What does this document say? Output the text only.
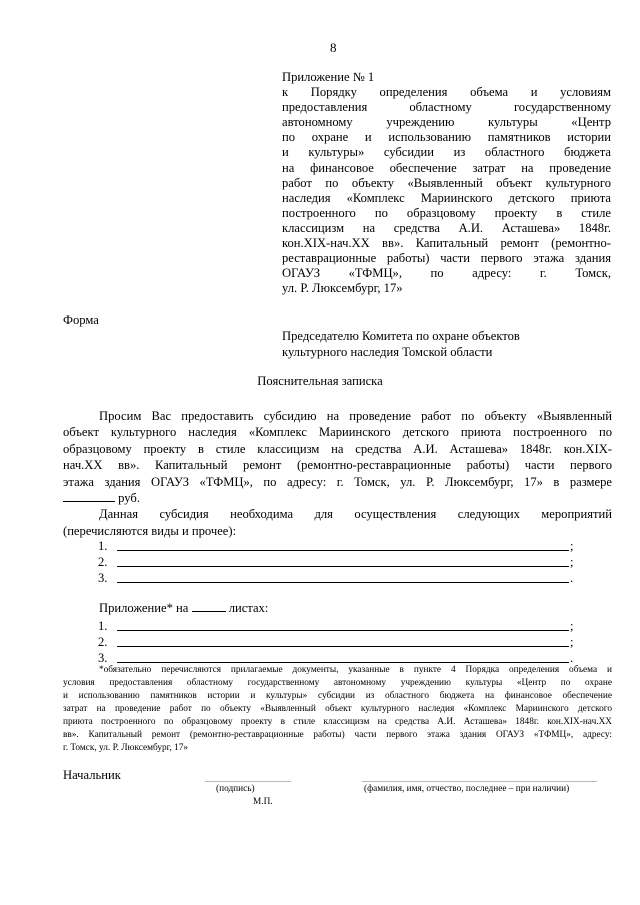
8
Приложение № 1
к Порядку определения объема и условиям
предоставления областному государственному
автономному учреждению культуры «Центр
по охране и использованию памятников истории
и культуры» субсидии из областного бюджета
на финансовое обеспечение затрат на проведение
работ по объекту «Выявленный объект культурного
наследия «Комплекс Мариинского детского приюта
построенного по образцовому проекту в стиле
классицизм на средства А.И. Асташева» 1848г.
кон.XIX-нач.XX вв». Капитальный ремонт (ремонтно-
реставрационные работы) части первого этажа здания
ОГАУЗ «ТФМЦ», по адресу: г. Томск,
ул. Р. Люксембург, 17»
Форма
Председателю Комитета по охране объектов
культурного наследия Томской области
Пояснительная записка
Просим Вас предоставить субсидию на проведение работ по объекту «Выявленный
объект культурного наследия «Комплекс Мариинского детского приюта построенного по
образцовому проекту в стиле классицизм на средства А.И. Асташева» 1848г. кон.XIX-
нач.XX вв». Капитальный ремонт (ремонтно-реставрационные работы) части первого
этажа здания ОГАУЗ «ТФМЦ», по адресу: г. Томск, ул. Р. Люксембург, 17» в размере
руб.
Данная субсидия необходима для осуществления следующих мероприятий
(перечисляются виды и прочее):
1.	;
2.	;
3.	.
Приложение* на	листах:
1.	;
2.	;
3.	.
*обязательно перечисляются прилагаемые документы, указанные в пункте 4 Порядка определения объема и
условия предоставления областному государственному автономному учреждению культуры «Центр по охране
и использованию памятников истории и культуры» субсидии из областного бюджета на финансовое обеспечение
затрат на проведение работ по объекту «Выявленный объект культурного наследия «Комплекс Мариинского детского
приюта построенного по образцовому проекту в стиле классицизм на средства А.И. Асташева» 1848г. кон.XIX-нач.XX
вв». Капитальный ремонт (ремонтно-реставрационные работы) части первого этажа здания ОГАУЗ «ТФМЦ», адресу:
г. Томск, ул. Р. Люксембург, 17»
Начальник
(подпись)	(фамилия, имя, отчество, последнее – при наличии)
М.П.
